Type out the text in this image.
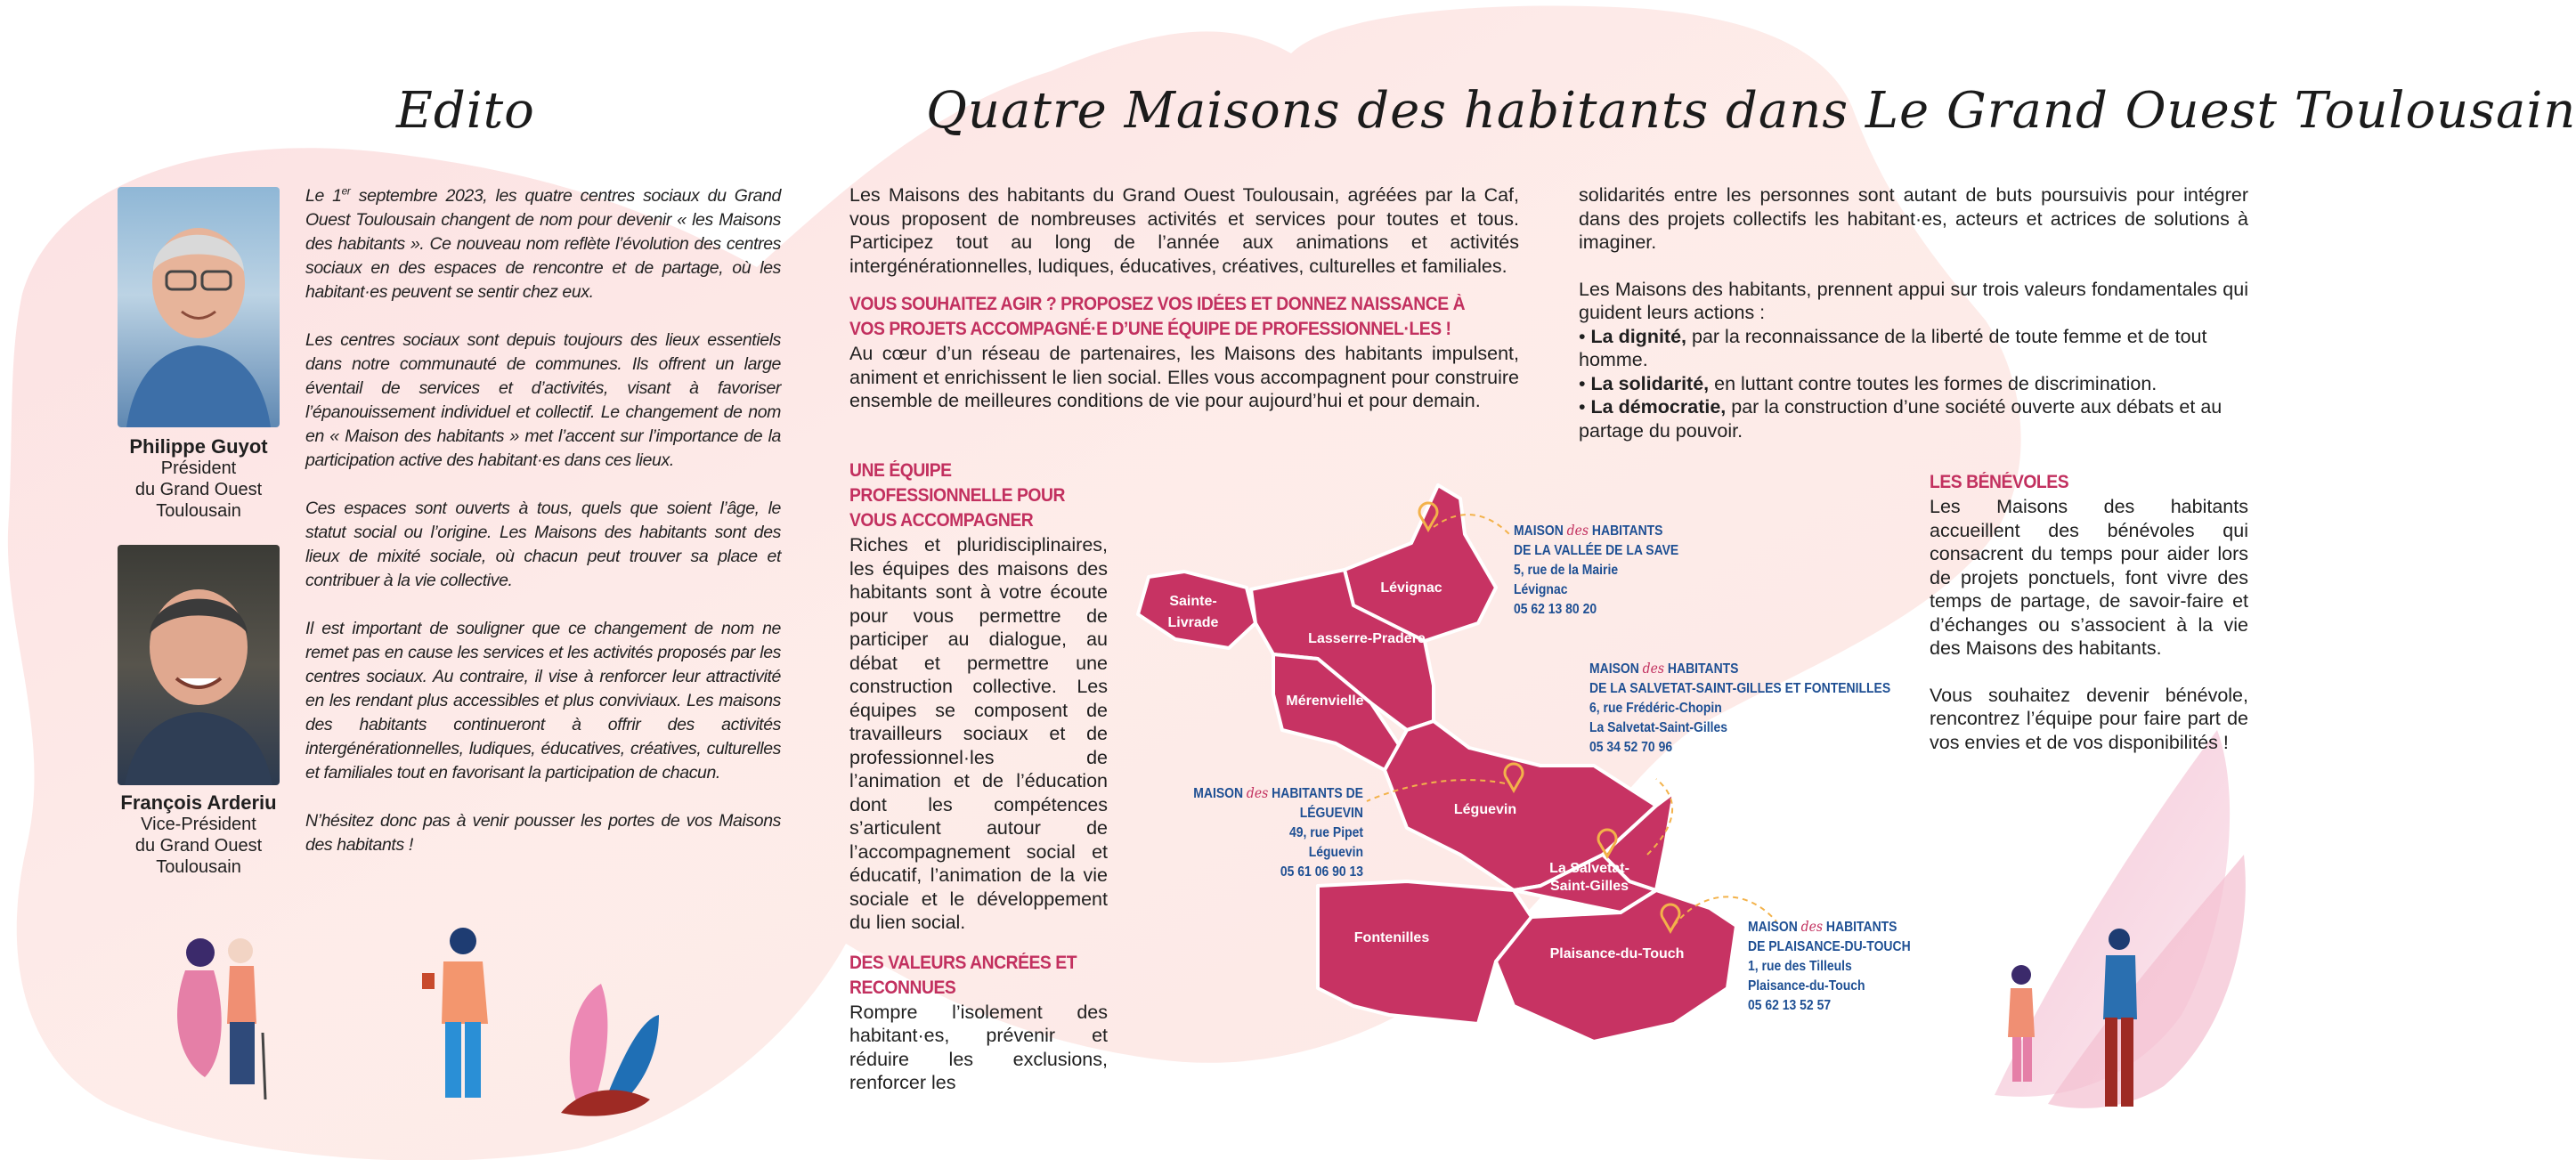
Edito	Quatre Maisons des habitants dans Le Grand Ouest Toulousain
Philippe Guyot
Président
du Grand Ouest
Toulousain
François Arderiu
Vice-Président
du Grand Ouest
Toulousain

Le 1er septembre 2023, les quatre centres sociaux du Grand Ouest Toulousain changent de nom pour devenir « les Maisons des habitants ». Ce nouveau nom reflète l’évolution des centres sociaux en des espaces de rencontre et de partage, où les habitant·es peuvent se sentir chez eux.

Les centres sociaux sont depuis toujours des lieux essentiels dans notre communauté de communes. Ils offrent un large éventail de services et d’activités, visant à favoriser l’épanouissement individuel et collectif. Le changement de nom en « Maison des habitants » met l’accent sur l’importance de la participation active des habitant·es dans ces lieux.

Ces espaces sont ouverts à tous, quels que soient l’âge, le statut social ou l’origine. Les Maisons des habitants sont des lieux de mixité sociale, où chacun peut trouver sa place et contribuer à la vie collective.

Il est important de souligner que ce changement de nom ne remet pas en cause les services et les activités proposés par les centres sociaux. Au contraire, il vise à renforcer leur attractivité en les rendant plus accessibles et plus conviviaux. Les maisons des habitants continueront à offrir des activités intergénérationnelles, ludiques, éducatives, créatives, culturelles et familiales tout en favorisant la participation de chacun.

N’hésitez donc pas à venir pousser les portes de vos Maisons des habitants !

Les Maisons des habitants du Grand Ouest Toulousain, agréées par la Caf, vous proposent de nombreuses activités et services pour toutes et tous. Participez tout au long de l’année aux animations et activités intergénérationnelles, ludiques, éducatives, créatives, culturelles et familiales.

VOUS SOUHAITEZ AGIR ? PROPOSEZ VOS IDÉES ET DONNEZ NAISSANCE À VOS PROJETS ACCOMPAGNÉ·E D’UNE ÉQUIPE DE PROFESSIONNEL·LES !

Au cœur d’un réseau de partenaires, les Maisons des habitants impulsent, animent et enrichissent le lien social. Elles vous accompagnent pour construire ensemble de meilleures conditions de vie pour aujourd’hui et pour demain.

UNE ÉQUIPE PROFESSIONNELLE POUR VOUS ACCOMPAGNER

Riches et pluridisciplinaires, les équipes des maisons des habitants sont à votre écoute pour vous permettre de participer au dialogue, au débat et permettre une construction collective. Les équipes se composent de travailleurs sociaux et de professionnel·les de l’animation et de l’éducation dont les compétences s’articulent autour de l’accompagnement social et éducatif, l’animation de la vie sociale et le développement du lien social.

DES VALEURS ANCRÉES ET RECONNUES

Rompre l’isolement des habitant·es, prévenir et réduire les exclusions, renforcer les

solidarités entre les personnes sont autant de buts poursuivis pour intégrer dans des projets collectifs les habitant·es, acteurs et actrices de solutions à imaginer.

Les Maisons des habitants, prennent appui sur trois valeurs fondamentales qui guident leurs actions :

• La dignité, par la reconnaissance de la liberté de toute femme et de tout homme.
• La solidarité, en luttant contre toutes les formes de discrimination.
• La démocratie, par la construction d’une société ouverte aux débats et au partage du pouvoir.
LES BÉNÉVOLES

Les Maisons des habitants accueillent des bénévoles qui consacrent du temps pour aider lors de projets ponctuels, font vivre des temps de partage, de savoir-faire et d’échanges ou s’associent à la vie des Maisons des habitants.

Vous souhaitez devenir bénévole, rencontrez l’équipe pour faire part de vos envies et de vos disponibilités !

Sainte-
Livrade
Lévignac
Lasserre-Pradère
Mérenvielle
Léguevin
La Salvetat-
Saint-Gilles
Fontenilles
Plaisance-du-Touch
MAISON des HABITANTS
DE LA VALLÉE DE LA SAVE
5, rue de la Mairie
Lévignac
05 62 13 80 20
MAISON des HABITANTS
DE LA SALVETAT-SAINT-GILLES ET FONTENILLES
6, rue Frédéric-Chopin
La Salvetat-Saint-Gilles
05 34 52 70 96
MAISON des HABITANTS DE LÉGUEVIN
49, rue Pipet
Léguevin
05 61 06 90 13
MAISON des HABITANTS
DE PLAISANCE-DU-TOUCH
1, rue des Tilleuls
Plaisance-du-Touch
05 62 13 52 57
